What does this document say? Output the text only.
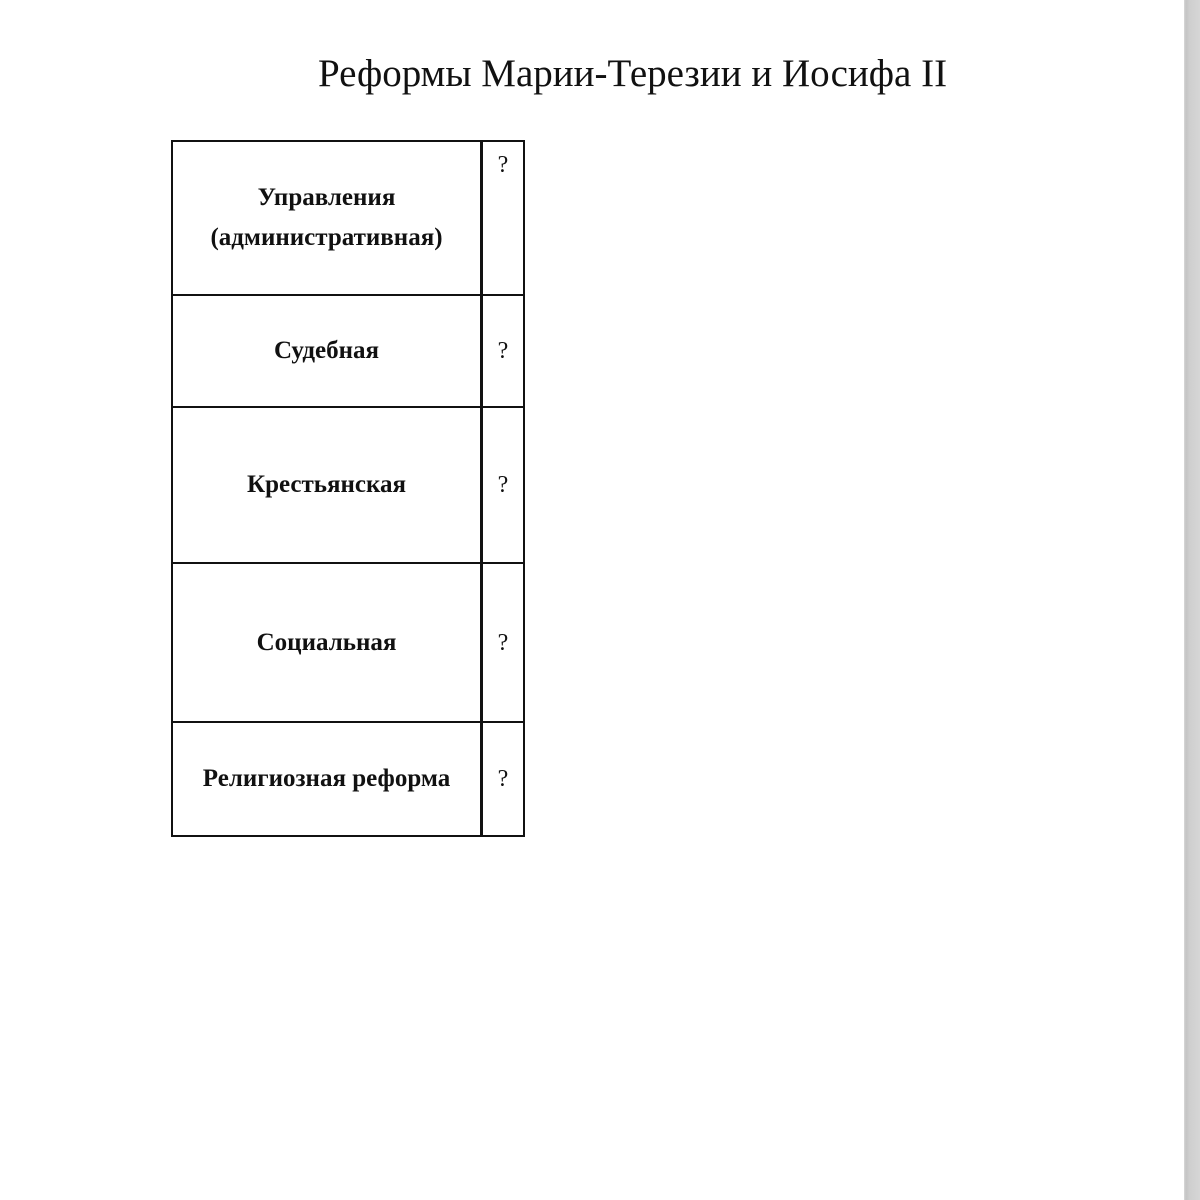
Реформы Марии-Терезии и Иосифа II
Управления
(административная)	?
Судебная	?
Крестьянская	?
Социальная	?
Религиозная реформа	?
